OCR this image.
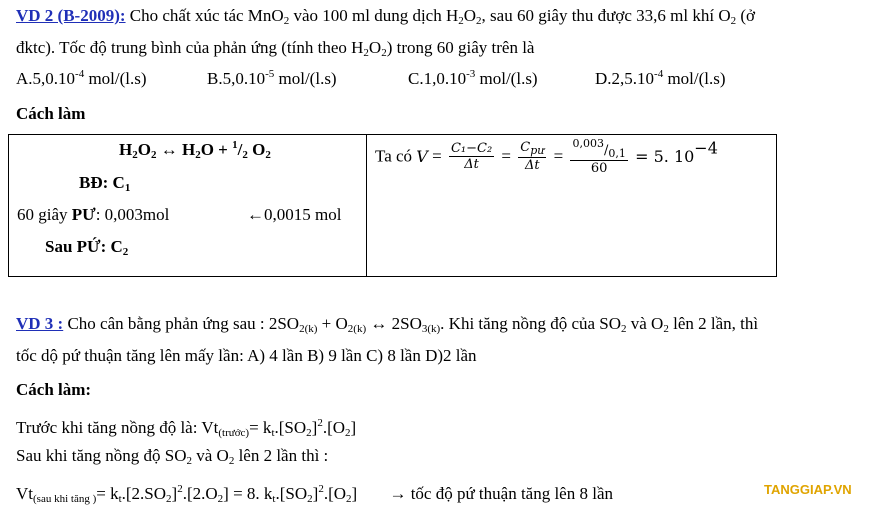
VD 2 (B-2009): Cho chất xúc tác MnO$_2$ vào 100 ml dung dịch $H_2O_2$, sau 60 giây thu được 33,6 ml khí $O_2$ (ở
đktc). Tốc độ trung bình của phản ứng (tính theo $H_2O_2$) trong 60 giây trên là
$A.5,0.10^{-4}$ mol/(l.s)	$B.5,0.10^{-5}$ mol/(l.s)	$C.1,0.10^{-3}$ mol/(l.s)	$D.2,5.10^{-4}$ mol/(l.s)
Cách làm
$H_2O_2$ ↔ $H_2O + ^1/_2$ $O_2$
BĐ: $C_1$
60 giây PƯ: 0,003mol	←0,0015 mol
Sau PỨ: $C_2$

Ta có $V = \frac{\text{C₁−C₂}}{\Delta t} = \frac{C_{pư}}{\Delta t} = \frac{^{0,003}/_{0,1}}{60} = 5$. $10^{-4}$
VD 3 : Cho cân bằng phản ứng sau : $2SO_{2(k)} + O_{2(k)}$ ↔ $2SO_{3(k)}$. Khi tăng nồng độ của $SO_2$ và $O_2$ lên 2 lần, thì
tốc dộ pứ thuận tăng lên mấy lần: A) 4 lần B) 9 lần C) 8 lần D)2 lần
Cách làm:
Trước khi tăng nồng độ là: $Vt_{(trước)}= k_t.[SO_2]^2.[O_2]$
Sau khi tăng nồng độ $SO_2$ và $O_2$ lên 2 lần thì :
$Vt_{(sau khi tăng )}= k_t.[2.SO_2]^2.[2.O_2] = 8$. $k_t.[SO_2]^2.[O_2]$ → tốc độ pứ thuận tăng lên 8 lần	TANGGIAP.VN
